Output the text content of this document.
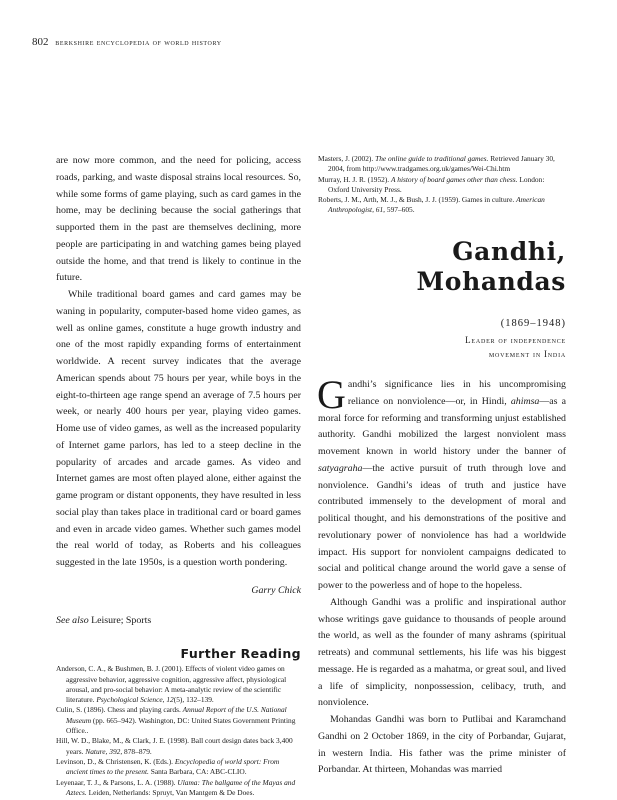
802 berkshire encyclopedia of world history

are now more common, and the need for policing, access roads, parking, and waste disposal strains local resources. So, while some forms of game playing, such as card games in the home, may be declining because the social gatherings that supported them in the past are themselves declining, more people are participating in and watching games being played outside the home, and that trend is likely to continue in the future.

While traditional board games and card games may be waning in popularity, computer-based home video games, as well as online games, constitute a huge growth industry and one of the most rapidly expanding forms of entertainment worldwide. A recent survey indicates that the average American spends about 75 hours per year, while boys in the eight-to-thirteen age range spend an average of 7.5 hours per week, or nearly 400 hours per year, playing video games. Home use of video games, as well as the increased popularity of Internet game parlors, has led to a steep decline in the popularity of arcades and arcade games. As video and Internet games are most often played alone, either against the game program or distant opponents, they have resulted in less social play than takes place in traditional card or board games and even in arcade video games. Whether such games model the real world of today, as Roberts and his colleagues suggested in the late 1950s, is a question worth pondering.

Garry Chick

See also Leisure; Sports

Further Reading

Anderson, C. A., & Bushmen, B. J. (2001). Effects of violent video games on aggressive behavior, aggressive cognition, aggressive affect, physiological arousal, and pro-social behavior: A meta-analytic review of the scientific literature. Psychological Science, 12(5), 132–139.

Culin, S. (1896). Chess and playing cards. Annual Report of the U.S. National Museum (pp. 665–942). Washington, DC: United States Government Printing Office..

Hill, W. D., Blake, M., & Clark, J. E. (1998). Ball court design dates back 3,400 years. Nature, 392, 878–879.

Levinson, D., & Christensen, K. (Eds.). Encyclopedia of world sport: From ancient times to the present. Santa Barbara, CA: ABC-CLIO.

Leyenaar, T. J., & Parsons, L. A. (1988). Ulama: The ballgame of the Mayas and Aztecs. Leiden, Netherlands: Spruyt, Van Mantgem & De Does.

Masters, J. (2002). The online guide to traditional games. Retrieved January 30, 2004, from http://www.tradgames.org.uk/games/Wei-Chi.htm

Murray, H. J. R. (1952). A history of board games other than chess. London: Oxford University Press.

Roberts, J. M., Arth, M. J., & Bush, J. J. (1959). Games in culture. American Anthropologist, 61, 597–605.

Gandhi,
Mohandas
(1869–1948)
Leader of independence
movement in India

Gandhi’s significance lies in his uncompromising reliance on nonviolence—or, in Hindi, ahimsa—as a moral force for reforming and transforming unjust established authority. Gandhi mobilized the largest nonviolent mass movement known in world history under the banner of satyagraha—the active pursuit of truth through love and nonviolence. Gandhi’s ideas of truth and justice have contributed immensely to the development of moral and political thought, and his demonstrations of the positive and revolutionary power of nonviolence has had a worldwide impact. His support for nonviolent campaigns dedicated to social and political change around the world gave a sense of power to the powerless and of hope to the hopeless.

Although Gandhi was a prolific and inspirational author whose writings gave guidance to thousands of people around the world, as well as the founder of many ashrams (spiritual retreats) and communal settlements, his life was his biggest message. He is regarded as a mahatma, or great soul, and lived a life of simplicity, nonpossession, celibacy, truth, and nonviolence.

Mohandas Gandhi was born to Putlibai and Karamchand Gandhi on 2 October 1869, in the city of Porbandar, Gujarat, in western India. His father was the prime minister of Porbandar. At thirteen, Mohandas was married
